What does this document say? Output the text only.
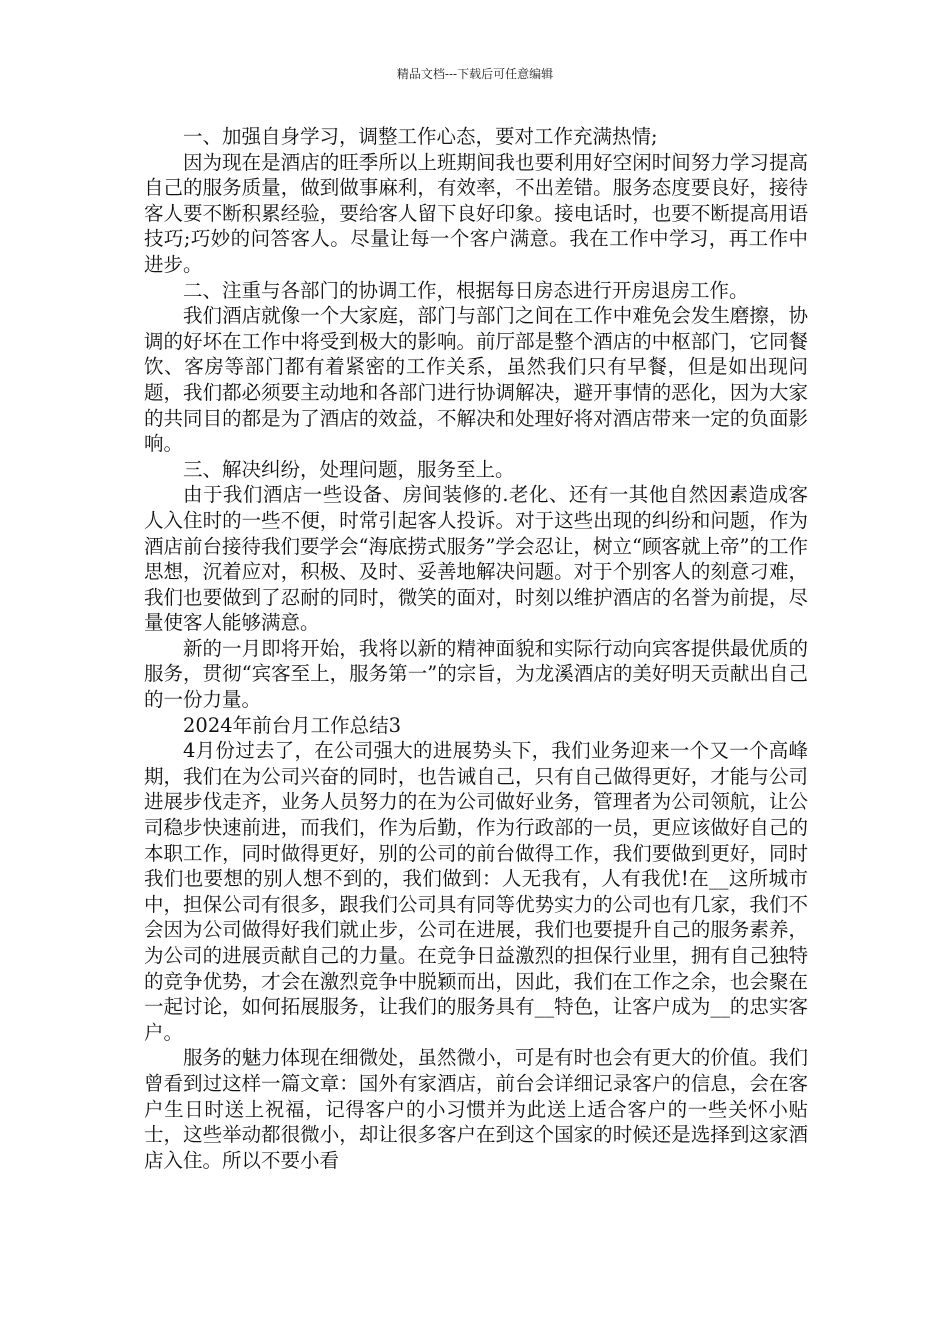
精品文档---下载后可任意编辑

一、加强自身学习，调整工作心态，要对工作充满热情;

因为现在是酒店的旺季所以上班期间我也要利用好空闲时间努力学习提高自己的服务质量，做到做事麻利，有效率，不出差错。服务态度要良好，接待客人要不断积累经验，要给客人留下良好印象。接电话时，也要不断提高用语技巧;巧妙的问答客人。尽量让每一个客户满意。我在工作中学习，再工作中进步。

二、注重与各部门的协调工作，根据每日房态进行开房退房工作。

我们酒店就像一个大家庭，部门与部门之间在工作中难免会发生磨擦，协调的好坏在工作中将受到极大的影响。前厅部是整个酒店的中枢部门，它同餐饮、客房等部门都有着紧密的工作关系，虽然我们只有早餐，但是如出现问题，我们都必须要主动地和各部门进行协调解决，避开事情的恶化，因为大家的共同目的都是为了酒店的效益，不解决和处理好将对酒店带来一定的负面影响。

三、解决纠纷，处理问题，服务至上。

由于我们酒店一些设备、房间装修的.老化、还有一其他自然因素造成客人入住时的一些不便，时常引起客人投诉。对于这些出现的纠纷和问题，作为酒店前台接待我们要学会“海底捞式服务”学会忍让，树立“顾客就上帝”的工作思想，沉着应对，积极、及时、妥善地解决问题。对于个别客人的刻意刁难，我们也要做到了忍耐的同时，微笑的面对，时刻以维护酒店的名誉为前提，尽量使客人能够满意。

新的一月即将开始，我将以新的精神面貌和实际行动向宾客提供最优质的服务，贯彻“宾客至上，服务第一”的宗旨，为龙溪酒店的美好明天贡献出自己的一份力量。

2024年前台月工作总结3

4月份过去了，在公司强大的进展势头下，我们业务迎来一个又一个高峰期，我们在为公司兴奋的同时，也告诫自己，只有自己做得更好，才能与公司进展步伐走齐，业务人员努力的在为公司做好业务，管理者为公司领航，让公司稳步快速前进，而我们，作为后勤，作为行政部的一员，更应该做好自己的本职工作，同时做得更好，别的公司的前台做得工作，我们要做到更好，同时我们也要想的别人想不到的，我们做到：人无我有，人有我优!在__这所城市中，担保公司有很多，跟我们公司具有同等优势实力的公司也有几家，我们不会因为公司做得好我们就止步，公司在进展，我们也要提升自己的服务素养，为公司的进展贡献自己的力量。在竞争日益激烈的担保行业里，拥有自己独特的竞争优势，才会在激烈竞争中脱颖而出，因此，我们在工作之余，也会聚在一起讨论，如何拓展服务，让我们的服务具有__特色，让客户成为__的忠实客户。

服务的魅力体现在细微处，虽然微小，可是有时也会有更大的价值。我们曾看到过这样一篇文章：国外有家酒店，前台会详细记录客户的信息，会在客户生日时送上祝福，记得客户的小习惯并为此送上适合客户的一些关怀小贴士，这些举动都很微小，却让很多客户在到这个国家的时候还是选择到这家酒店入住。所以不要小看
